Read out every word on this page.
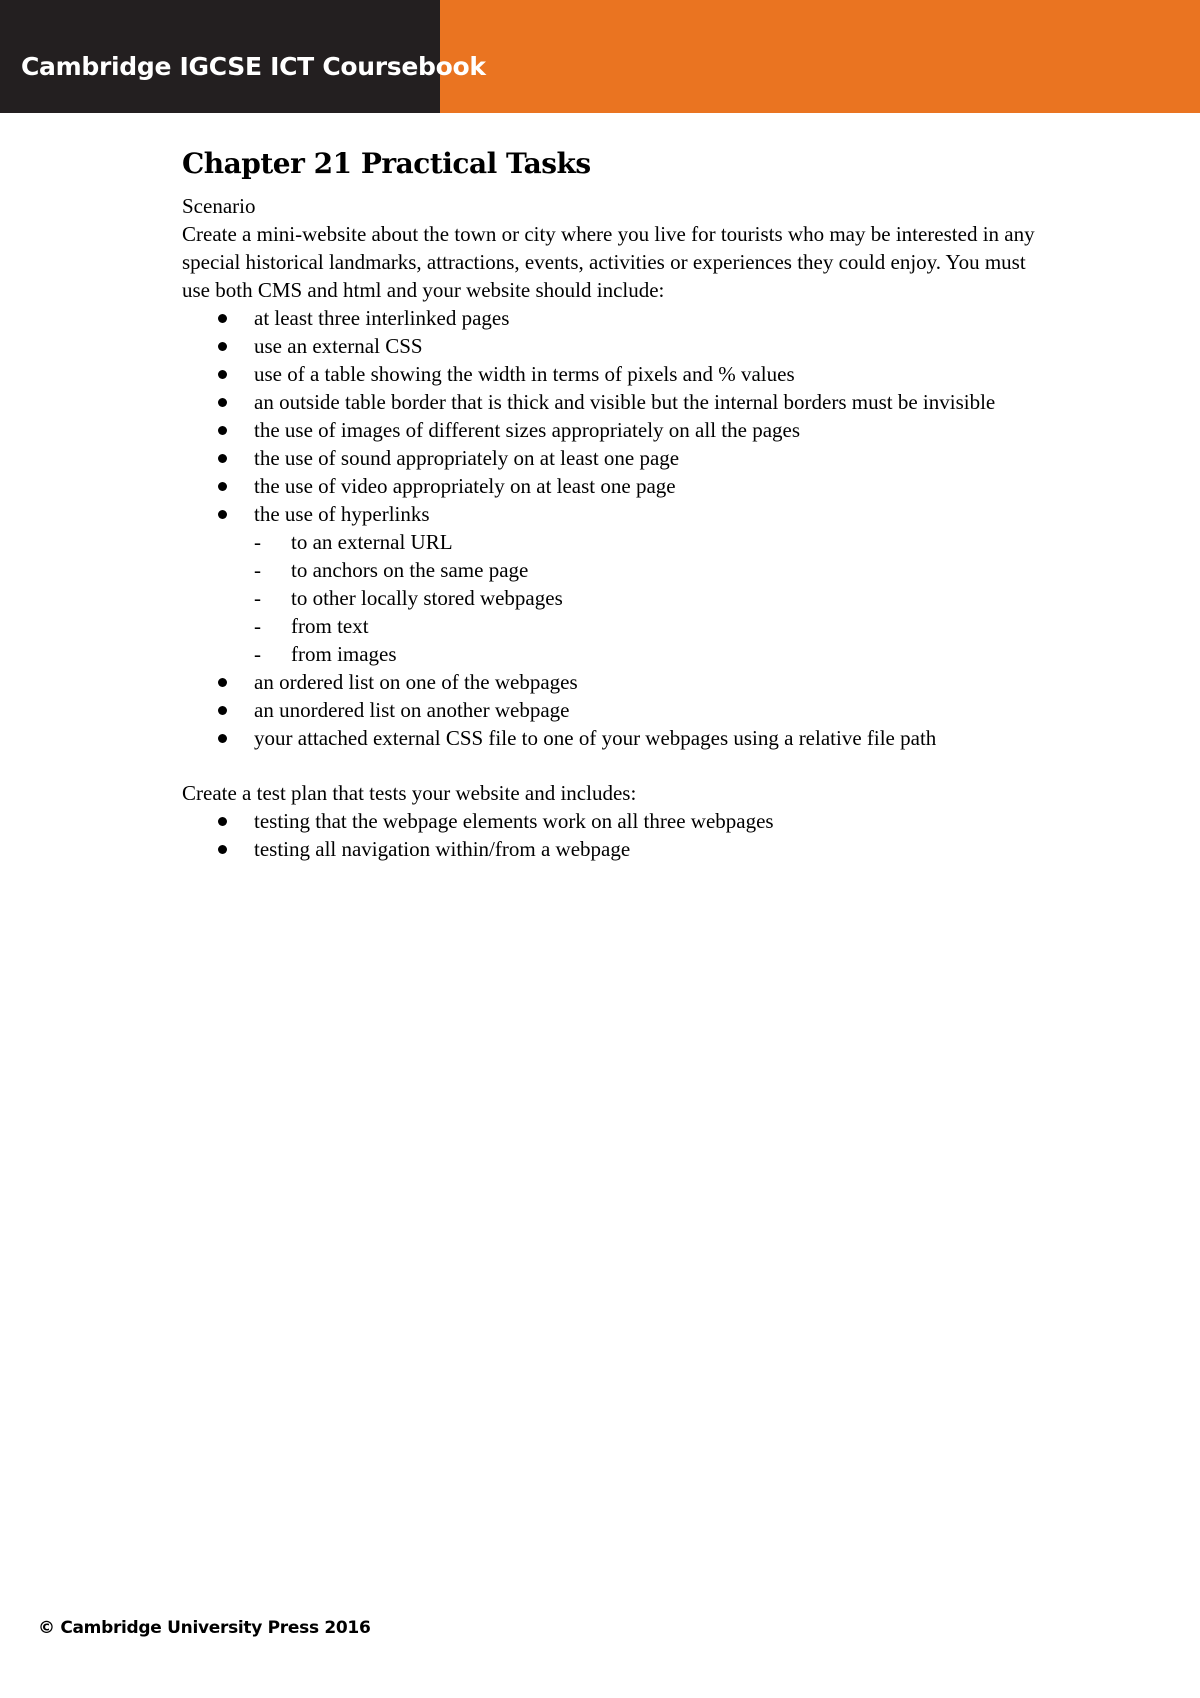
Cambridge IGCSE ICT Coursebook
Chapter 21 Practical Tasks

Scenario

Create a mini-website about the town or city where you live for tourists who may be interested in any special historical landmarks, attractions, events, activities or experiences they could enjoy. You must use both CMS and html and your website should include:

at least three interlinked pages
use an external CSS
use of a table showing the width in terms of pixels and % values
an outside table border that is thick and visible but the internal borders must be invisible
the use of images of different sizes appropriately on all the pages
the use of sound appropriately on at least one page
the use of video appropriately on at least one page
the use of hyperlinks
- to an external URL
- to anchors on the same page
- to other locally stored webpages
- from text
- from images
an ordered list on one of the webpages
an unordered list on another webpage
your attached external CSS file to one of your webpages using a relative file path

Create a test plan that tests your website and includes:

testing that the webpage elements work on all three webpages
testing all navigation within/from a webpage
© Cambridge University Press 2016
